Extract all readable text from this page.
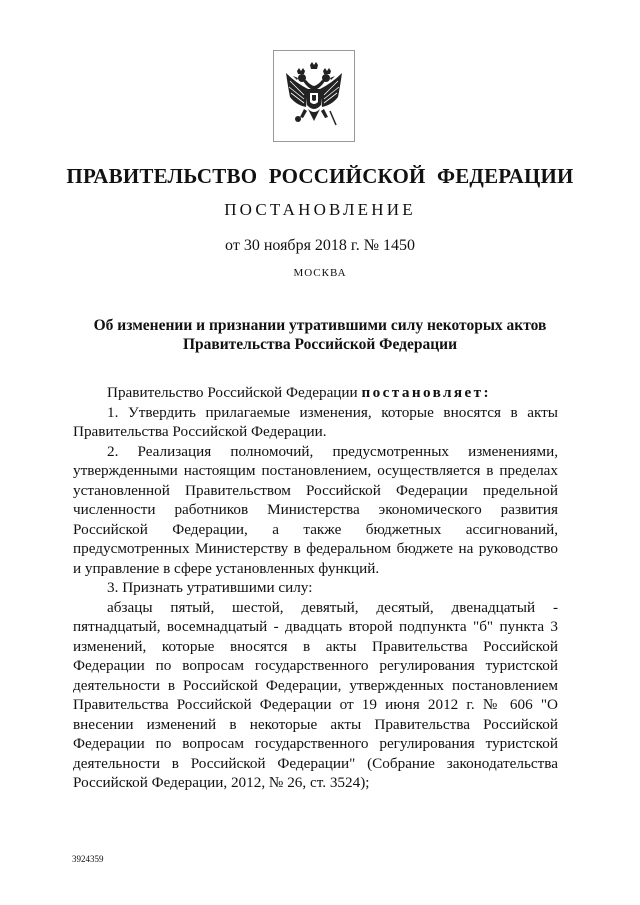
ПРАВИТЕЛЬСТВО РОССИЙСКОЙ ФЕДЕРАЦИИ
ПОСТАНОВЛЕНИЕ
от 30 ноября 2018 г. № 1450
МОСКВА
Об изменении и признании утратившими силу некоторых актов
Правительства Российской Федерации

Правительство Российской Федерации постановляет:

1. Утвердить прилагаемые изменения, которые вносятся в акты Правительства Российской Федерации.

2. Реализация полномочий, предусмотренных изменениями, утвержденными настоящим постановлением, осуществляется в пределах установленной Правительством Российской Федерации предельной численности работников Министерства экономического развития Российской Федерации, а также бюджетных ассигнований, предусмотренных Министерству в федеральном бюджете на руководство и управление в сфере установленных функций.

3. Признать утратившими силу:

абзацы пятый, шестой, девятый, десятый, двенадцатый - пятнадцатый, восемнадцатый - двадцать второй подпункта "б" пункта 3 изменений, которые вносятся в акты Правительства Российской Федерации по вопросам государственного регулирования туристской деятельности в Российской Федерации, утвержденных постановлением Правительства Российской Федерации от 19 июня 2012 г. № 606 "О внесении изменений в некоторые акты Правительства Российской Федерации по вопросам государственного регулирования туристской деятельности в Российской Федерации" (Собрание законодательства Российской Федерации, 2012, № 26, ст. 3524);

3924359
